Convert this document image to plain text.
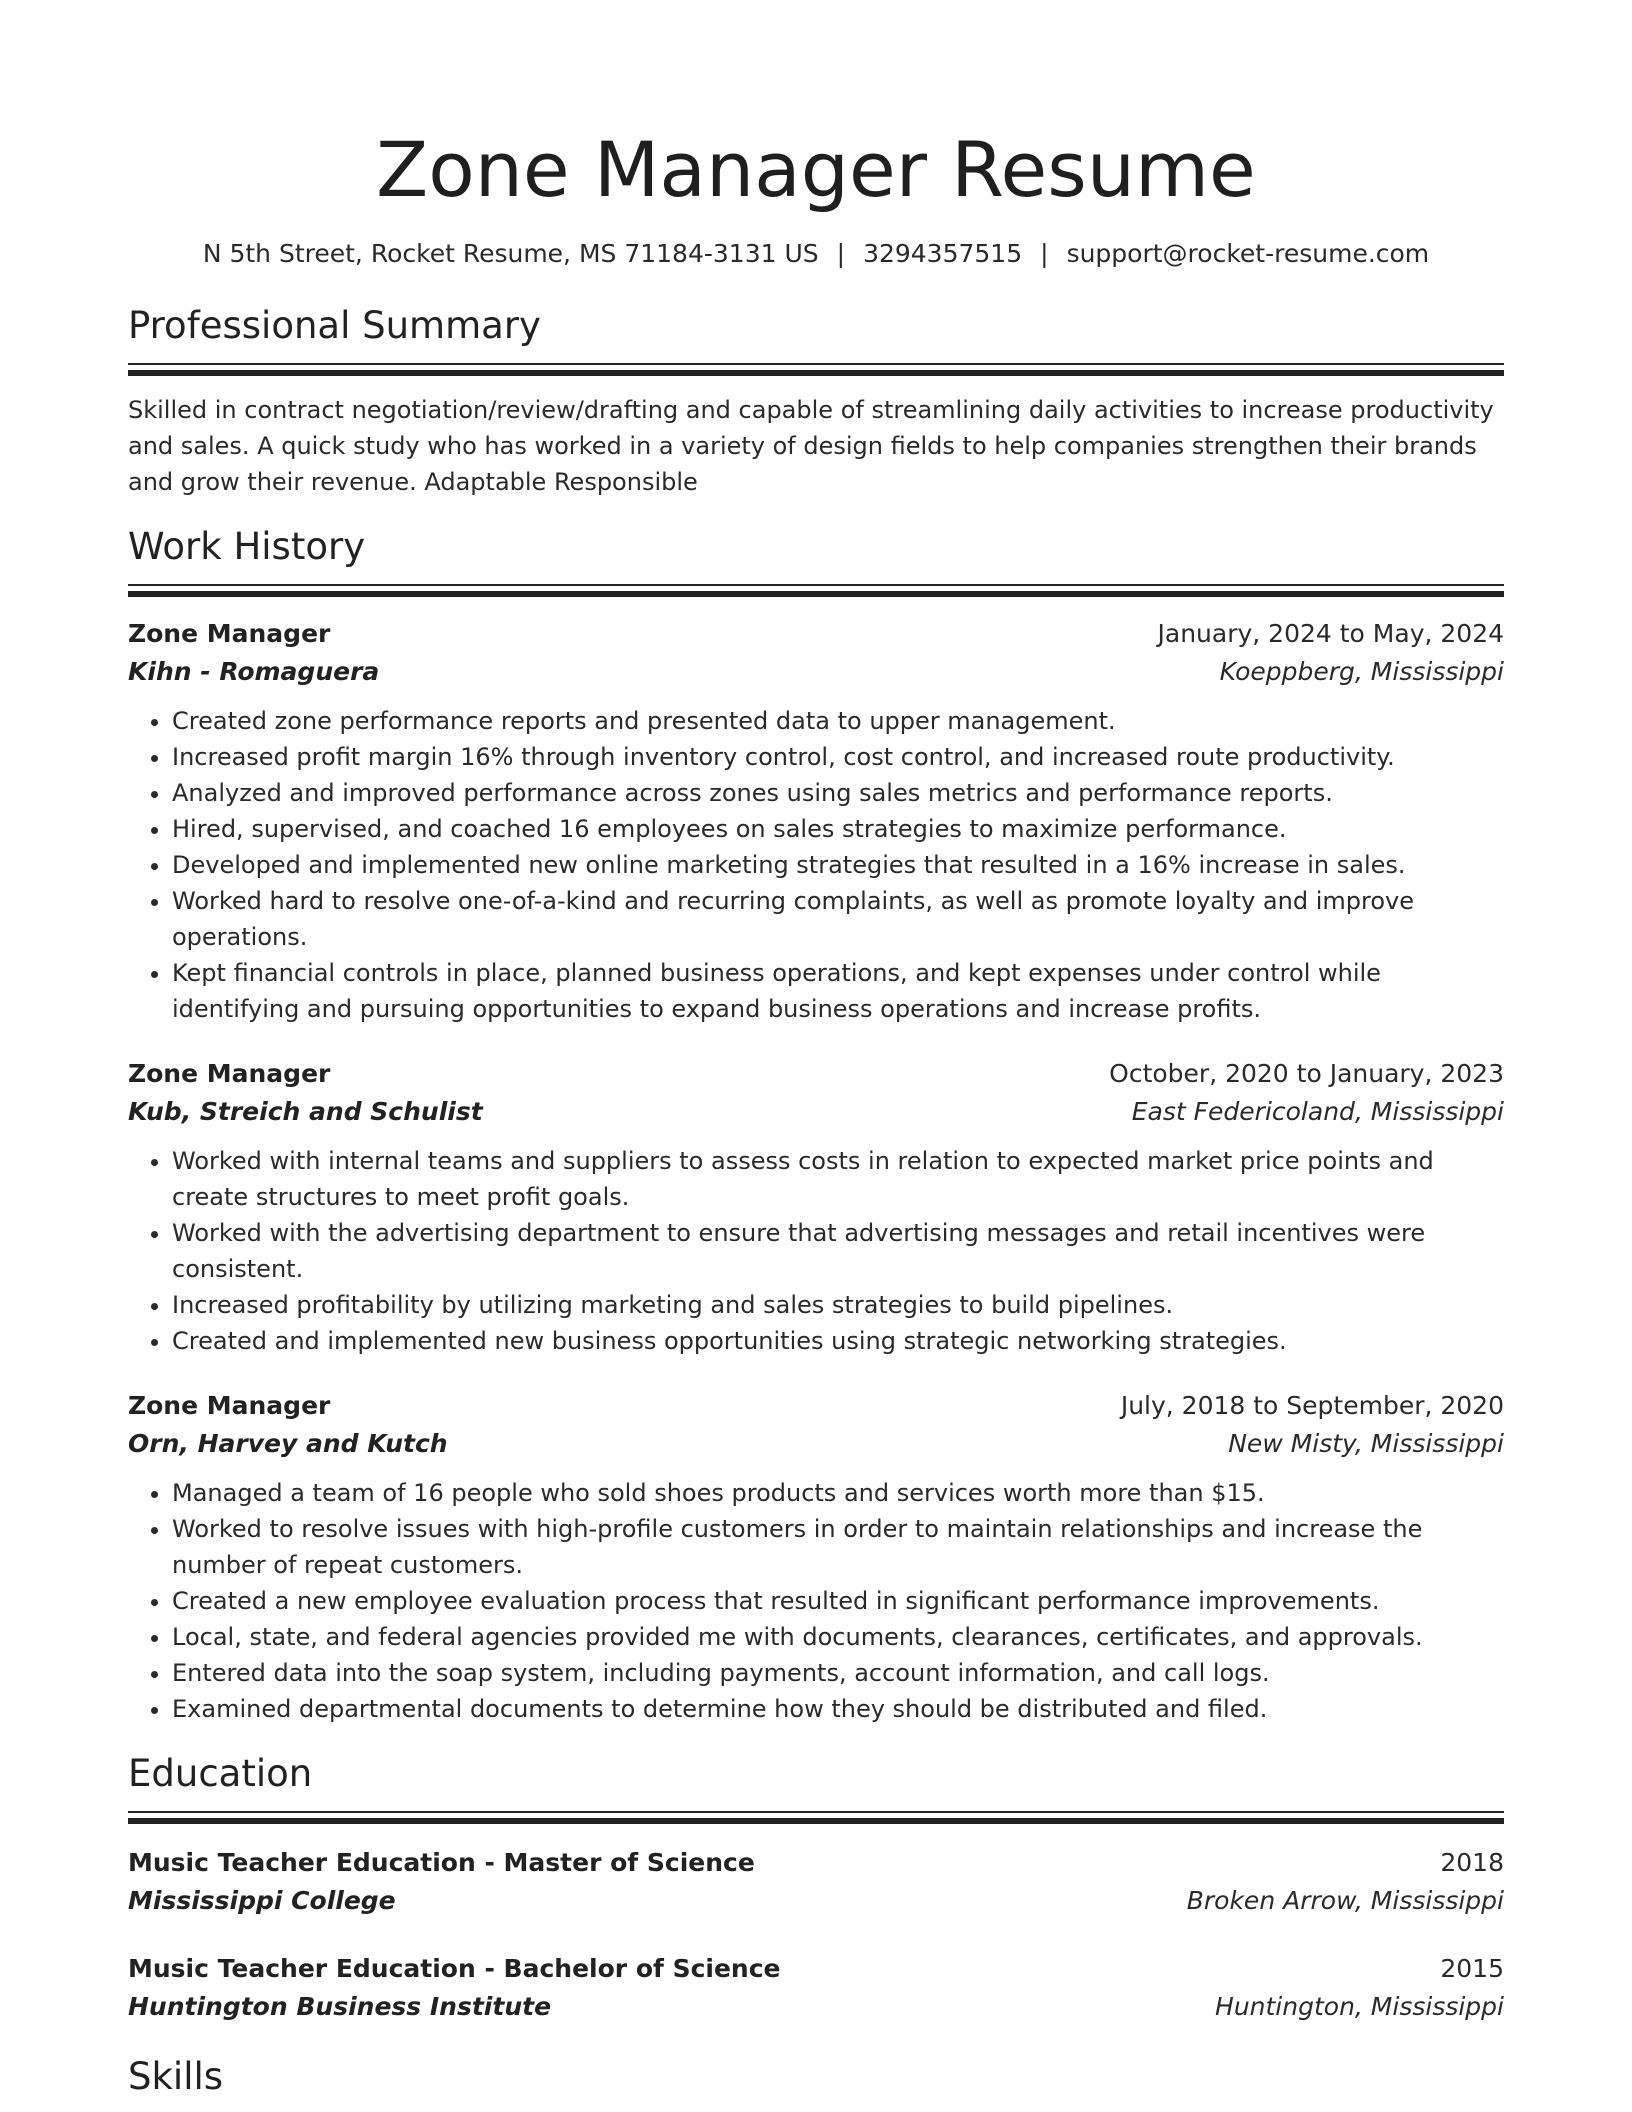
Zone Manager Resume
N 5th Street, Rocket Resume, MS 71184-3131 US | 3294357515 | support@rocket-resume.com
Professional Summary
Skilled in contract negotiation/review/drafting and capable of streamlining daily activities to increase productivity and sales. A quick study who has worked in a variety of design fields to help companies strengthen their brands and grow their revenue. Adaptable Responsible
Work History
Zone Manager	January, 2024 to May, 2024
Kihn - Romaguera	Koeppberg, Mississippi
• Created zone performance reports and presented data to upper management.
• Increased profit margin 16% through inventory control, cost control, and increased route productivity.
• Analyzed and improved performance across zones using sales metrics and performance reports.
• Hired, supervised, and coached 16 employees on sales strategies to maximize performance.
• Developed and implemented new online marketing strategies that resulted in a 16% increase in sales.
• Worked hard to resolve one-of-a-kind and recurring complaints, as well as promote loyalty and improve operations.
• Kept financial controls in place, planned business operations, and kept expenses under control while identifying and pursuing opportunities to expand business operations and increase profits.
Zone Manager	October, 2020 to January, 2023
Kub, Streich and Schulist	East Federicoland, Mississippi
• Worked with internal teams and suppliers to assess costs in relation to expected market price points and create structures to meet profit goals.
• Worked with the advertising department to ensure that advertising messages and retail incentives were consistent.
• Increased profitability by utilizing marketing and sales strategies to build pipelines.
• Created and implemented new business opportunities using strategic networking strategies.
Zone Manager	July, 2018 to September, 2020
Orn, Harvey and Kutch	New Misty, Mississippi
• Managed a team of 16 people who sold shoes products and services worth more than $15.
• Worked to resolve issues with high-profile customers in order to maintain relationships and increase the number of repeat customers.
• Created a new employee evaluation process that resulted in significant performance improvements.
• Local, state, and federal agencies provided me with documents, clearances, certificates, and approvals.
• Entered data into the soap system, including payments, account information, and call logs.
• Examined departmental documents to determine how they should be distributed and filed.
Education
Music Teacher Education - Master of Science	2018
Mississippi College	Broken Arrow, Mississippi
Music Teacher Education - Bachelor of Science	2015
Huntington Business Institute	Huntington, Mississippi
Skills
